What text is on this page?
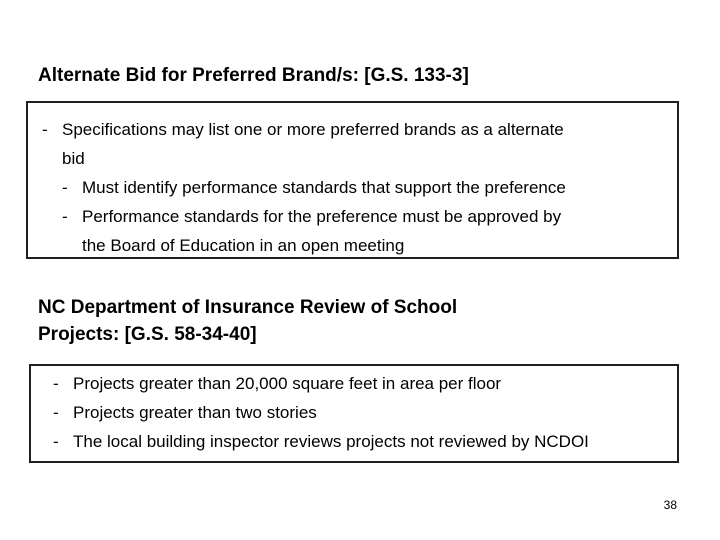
Alternate Bid for Preferred Brand/s: [G.S. 133-3]
- Specifications may list one or more preferred brands as a alternate
bid
- Must identify performance standards that support the preference
- Performance standards for the preference must be approved by
the Board of Education in an open meeting
NC Department of Insurance Review of School
Projects: [G.S. 58-34-40]
- Projects greater than 20,000 square feet in area per floor
- Projects greater than two stories
- The local building inspector reviews projects not reviewed by NCDOI
38
